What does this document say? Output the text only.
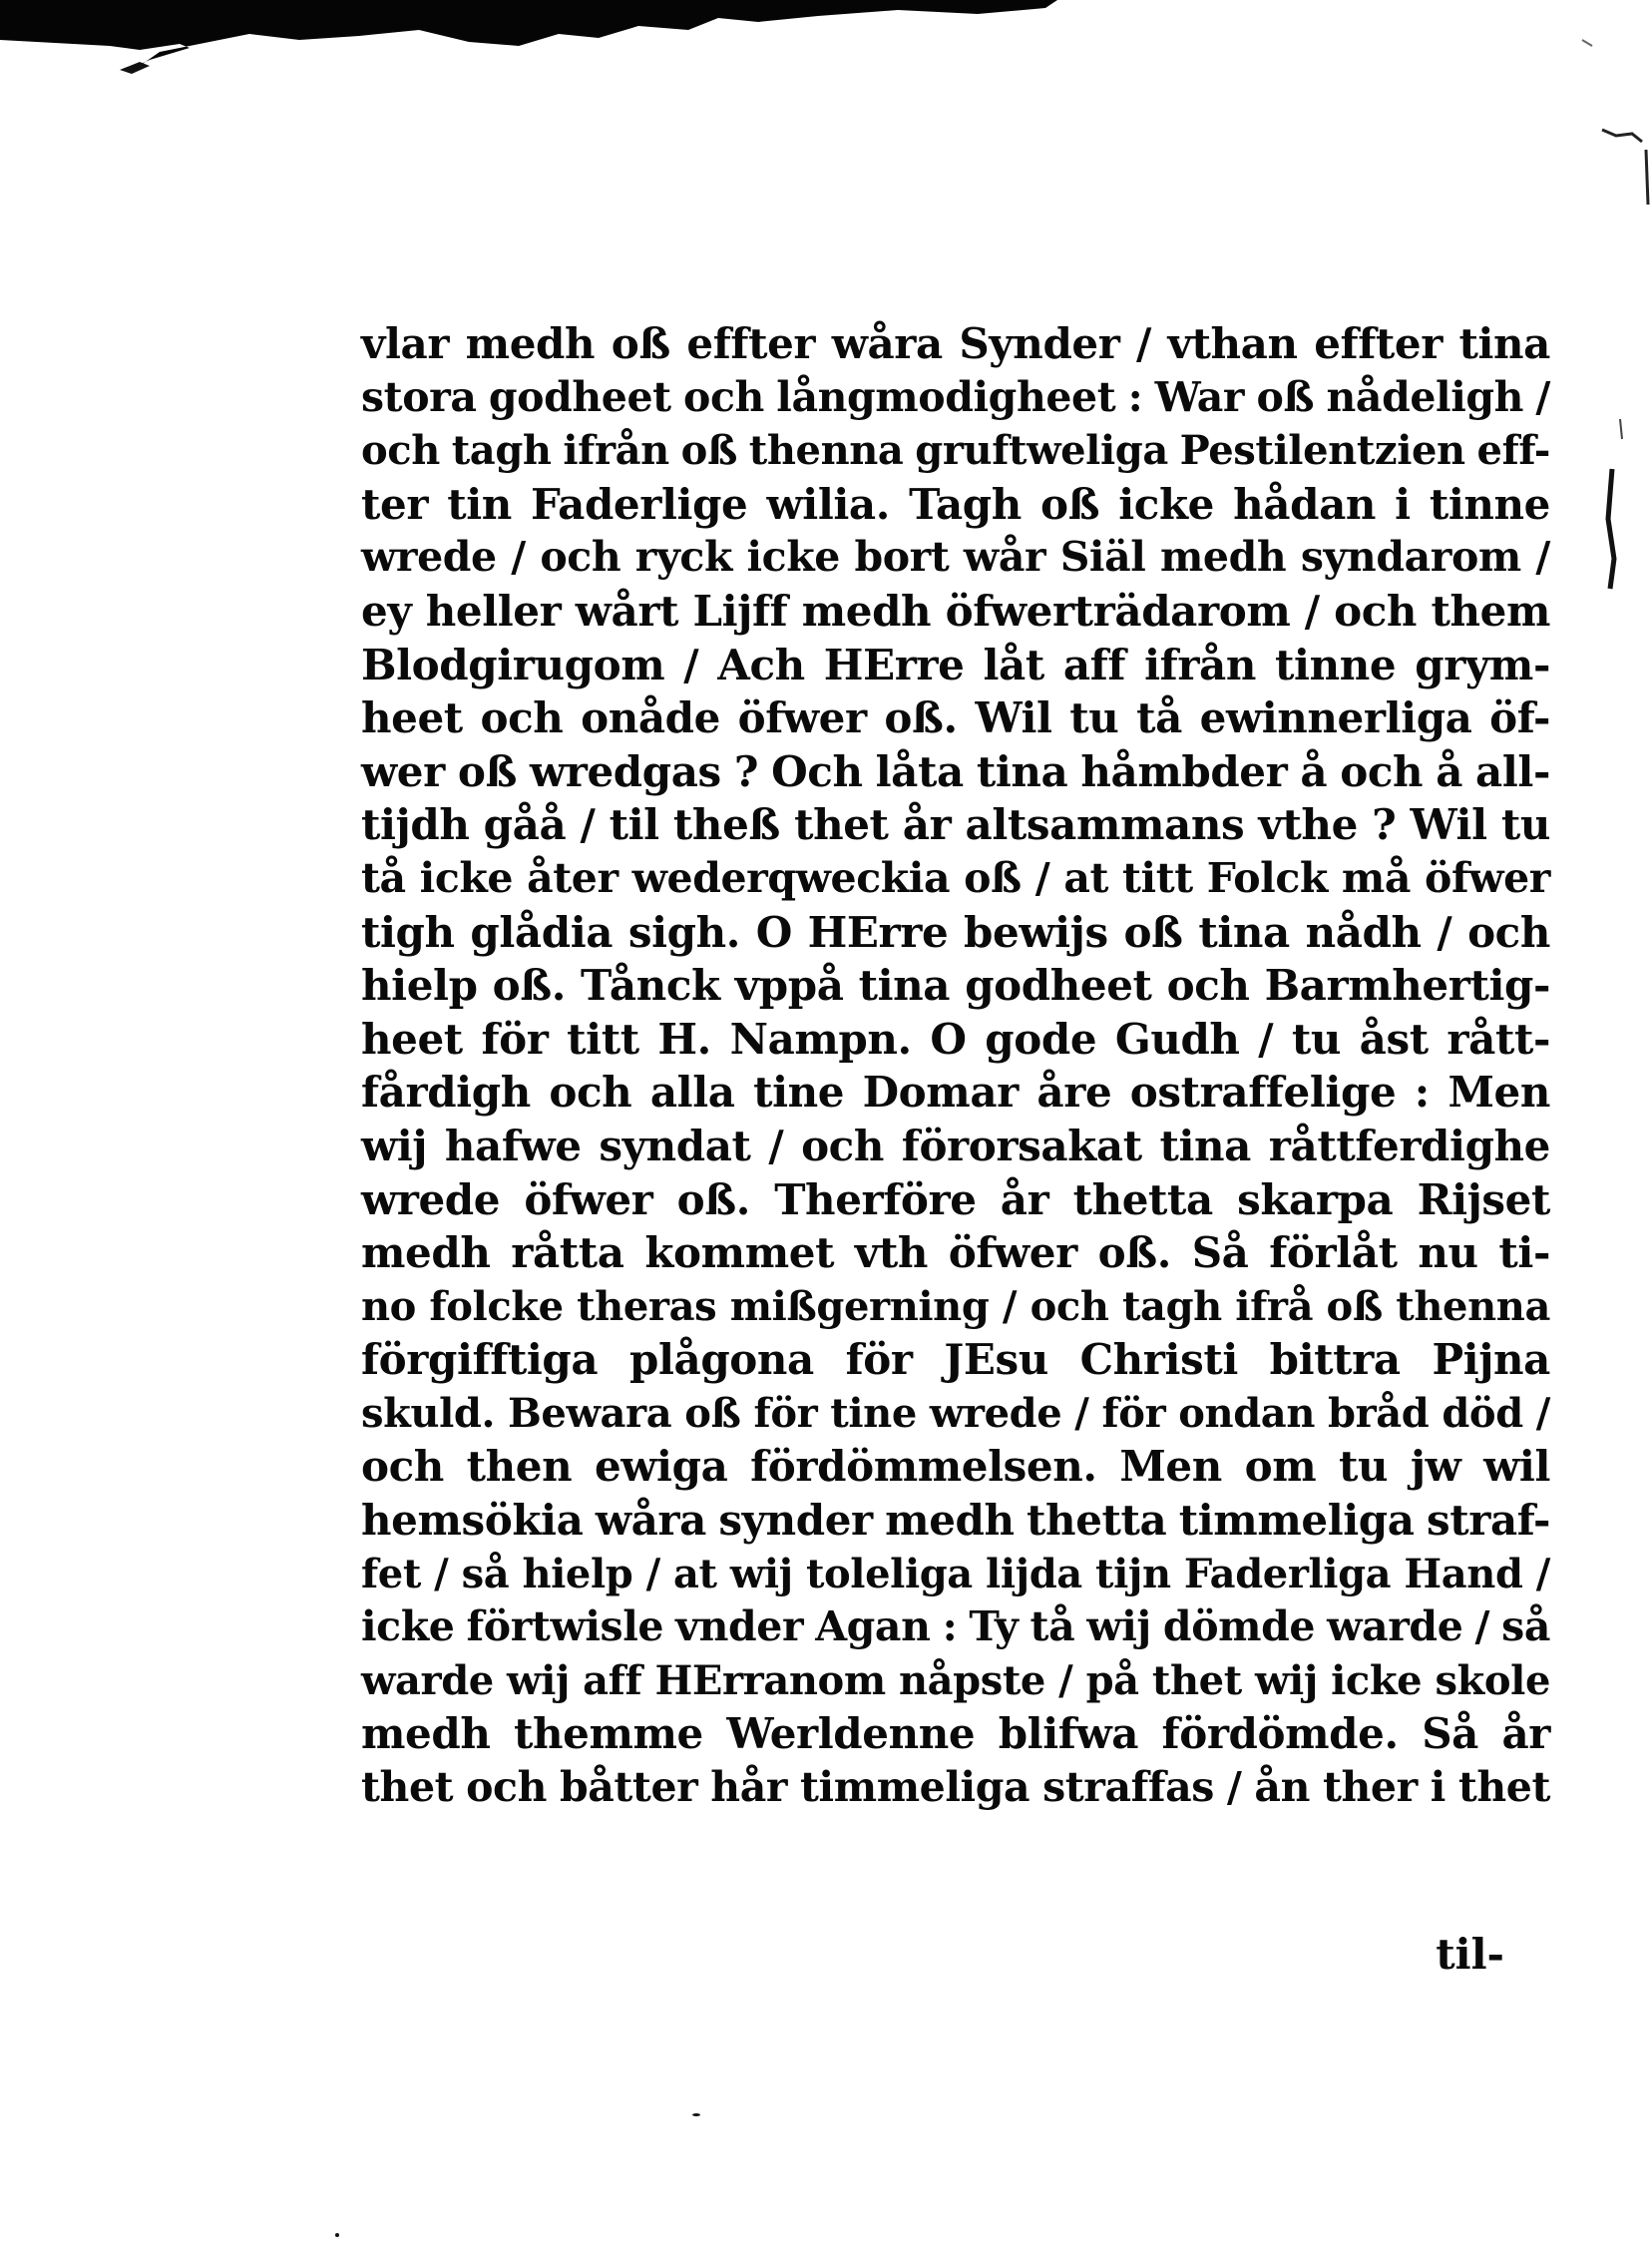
vlar medh oß effter wåra Synder / vthan effter tina
stora godheet och långmodigheet : War oß nådeligh /
och tagh ifrån oß thenna gruftweliga Pestilentzien eff-
ter tin Faderlige wilia. Tagh oß icke hådan i tinne
wrede / och ryck icke bort wår Siäl medh syndarom /
ey heller wårt Lijff medh öfwerträdarom / och them
Blodgirugom / Ach HErre låt aff ifrån tinne grym-
heet och onåde öfwer oß. Wil tu tå ewinnerliga öf-
wer oß wredgas ? Och låta tina håmbder å och å all-
tijdh gåå / til theß thet år altsammans vthe ? Wil tu
tå icke åter wederqweckia oß / at titt Folck må öfwer
tigh glådia sigh. O HErre bewijs oß tina nådh / och
hielp oß. Tånck vppå tina godheet och Barmhertig-
heet för titt H. Nampn. O gode Gudh / tu åst rått-
fårdigh och alla tine Domar åre ostraffelige : Men
wij hafwe syndat / och förorsakat tina råttferdighe
wrede öfwer oß. Therföre år thetta skarpa Rijset
medh råtta kommet vth öfwer oß. Så förlåt nu ti-
no folcke theras mißgerning / och tagh ifrå oß thenna
förgifftiga plågona för JEsu Christi bittra Pijna
skuld. Bewara oß för tine wrede / för ondan bråd död /
och then ewiga fördömmelsen. Men om tu jw wil
hemsökia wåra synder medh thetta timmeliga straf-
fet / så hielp / at wij toleliga lijda tijn Faderliga Hand /
icke förtwisle vnder Agan : Ty tå wij dömde warde / så
warde wij aff HErranom nåpste / på thet wij icke skole
medh themme Werldenne blifwa fördömde. Så år
thet och båtter hår timmeliga straffas / ån ther i thet
til-
